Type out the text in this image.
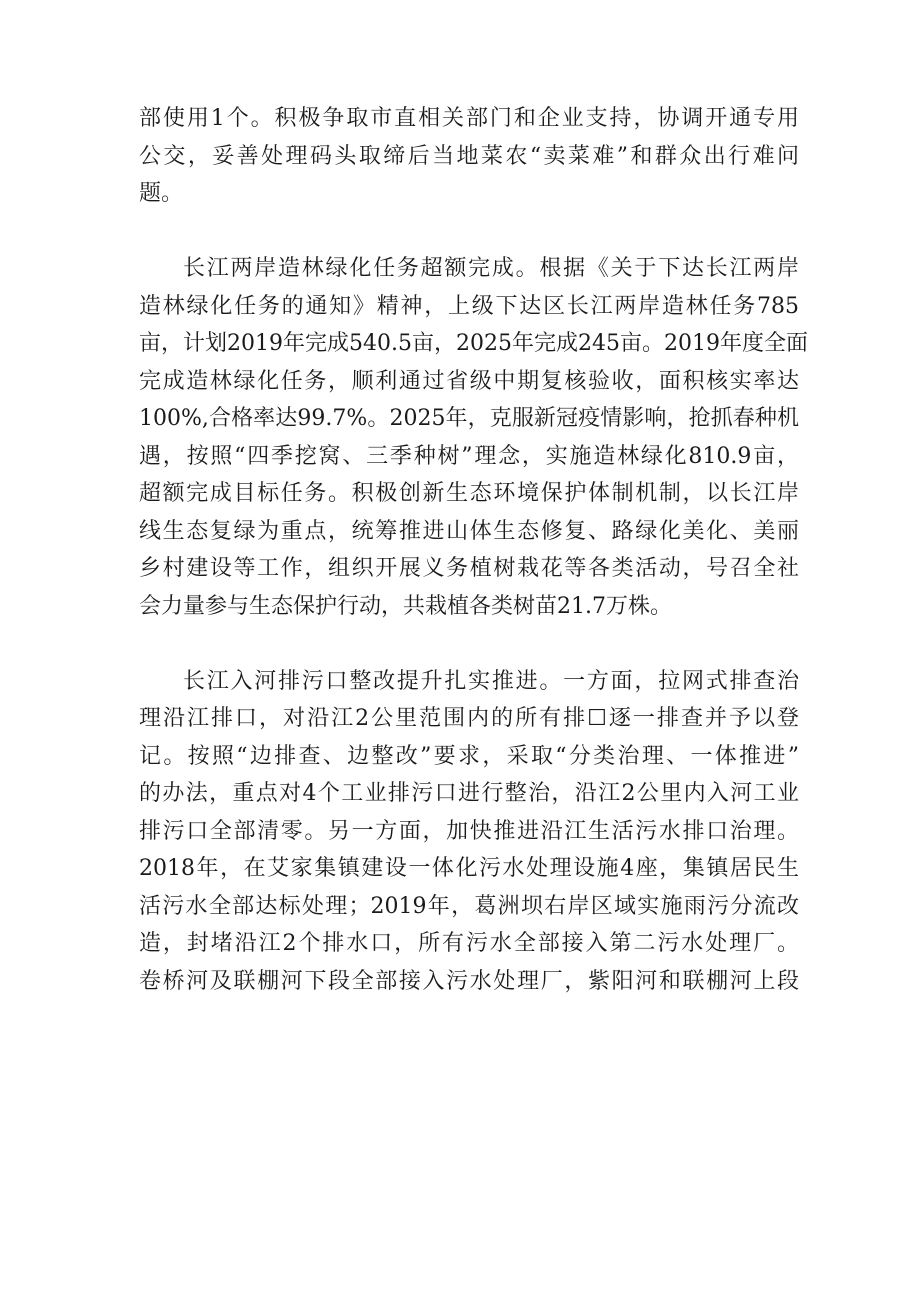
部使用1个。积极争取市直相关部门和企业支持，协调开通专用
公交，妥善处理码头取缔后当地菜农“卖菜难”和群众出行难问
题。
长江两岸造林绿化任务超额完成。根据《关于下达长江两岸
造林绿化任务的通知》精神，上级下达区长江两岸造林任务785
亩，计划2019年完成540.5亩，2025年完成245亩。2019年度全面
完成造林绿化任务，顺利通过省级中期复核验收，面积核实率达
100%,合格率达99.7%。2025年，克服新冠疫情影响，抢抓春种机
遇，按照“四季挖窝、三季种树”理念，实施造林绿化810.9亩，
超额完成目标任务。积极创新生态环境保护体制机制，以长江岸
线生态复绿为重点，统筹推进山体生态修复、路绿化美化、美丽
乡村建设等工作，组织开展义务植树栽花等各类活动，号召全社
会力量参与生态保护行动，共栽植各类树苗21.7万株。
长江入河排污口整改提升扎实推进。一方面，拉网式排查治
理沿江排口，对沿江2公里范围内的所有排☐逐一排查并予以登
记。按照“边排查、边整改”要求，采取“分类治理、一体推进”
的办法，重点对4个工业排污口进行整治，沿江2公里内入河工业
排污口全部清零。另一方面，加快推进沿江生活污水排口治理。
2018年，在艾家集镇建设一体化污水处理设施4座，集镇居民生
活污水全部达标处理；2019年，葛洲坝右岸区域实施雨污分流改
造，封堵沿江2个排水口，所有污水全部接入第二污水处理厂。
卷桥河及联棚河下段全部接入污水处理厂，紫阳河和联棚河上段
